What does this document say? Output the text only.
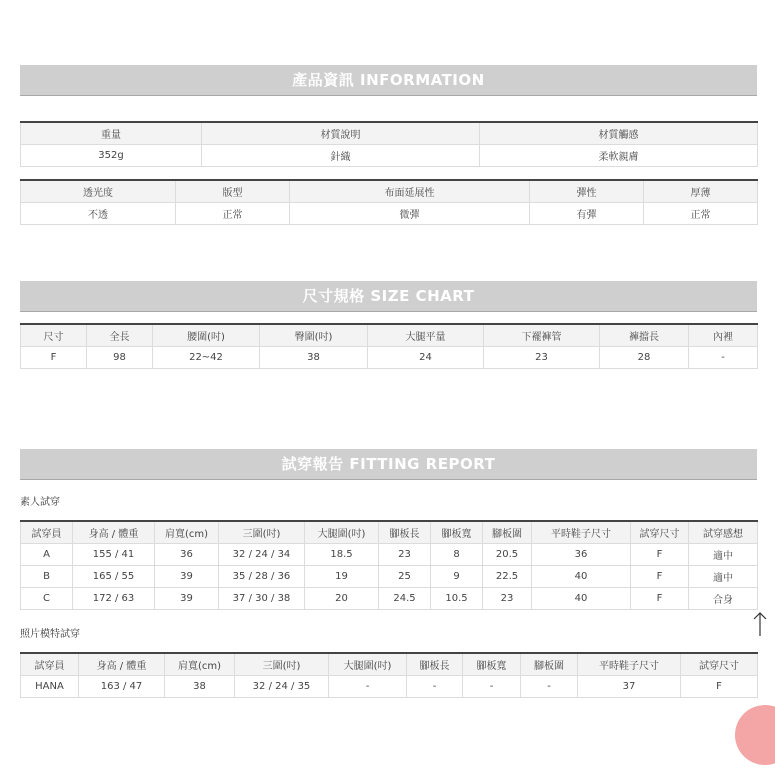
產品資訊 INFORMATION
重量	材質說明	材質觸感
352g	針織	柔軟親膚
透光度	版型	布面延展性	彈性	厚薄
不透	正常	微彈	有彈	正常
尺寸規格 SIZE CHART
尺寸	全長	腰圍(吋)	臀圍(吋)	大腿平量	下襬褲管	褲擋長	內裡
F	98	22~42	38	24	23	28	-
試穿報告 FITTING REPORT
素人試穿
試穿員	身高 / 體重	肩寬(cm)	三圍(吋)	大腿圍(吋)	腳板長	腳板寬	腳板圍	平時鞋子尺寸	試穿尺寸	試穿感想
A	155 / 41	36	32 / 24 / 34	18.5	23	8	20.5	36	F	適中
B	165 / 55	39	35 / 28 / 36	19	25	9	22.5	40	F	適中
C	172 / 63	39	37 / 30 / 38	20	24.5	10.5	23	40	F	合身
照片模特試穿
試穿員	身高 / 體重	肩寬(cm)	三圍(吋)	大腿圍(吋)	腳板長	腳板寬	腳板圍	平時鞋子尺寸	試穿尺寸
HANA	163 / 47	38	32 / 24 / 35	-	-	-	-	37	F
